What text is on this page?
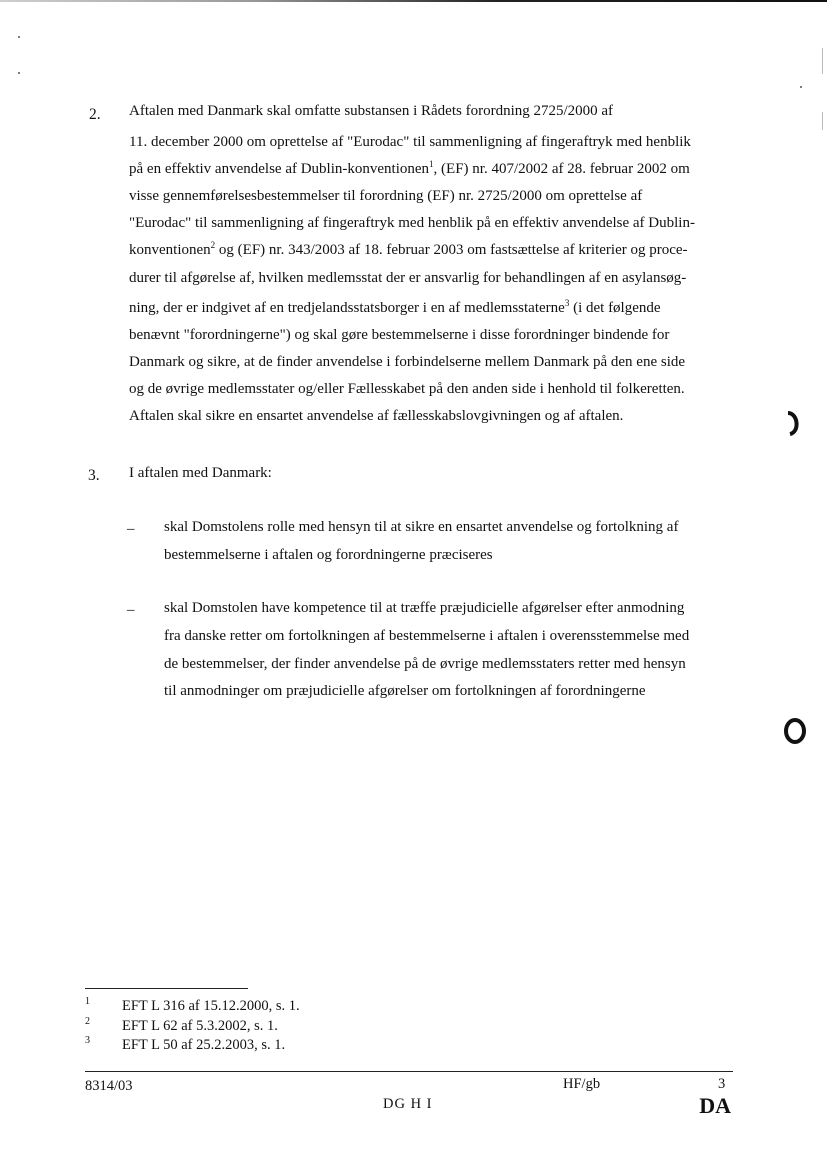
2. Aftalen med Danmark skal omfatte substansen i Rådets forordning 2725/2000 af
11. december 2000 om oprettelse af "Eurodac" til sammenligning af fingeraftryk med henblik
på en effektiv anvendelse af Dublin-konventionen$^1$, (EF) nr. 407/2002 af 28. februar 2002 om
visse gennemførelsesbestemmelser til forordning (EF) nr. 2725/2000 om oprettelse af
"Eurodac" til sammenligning af fingeraftryk med henblik på en effektiv anvendelse af Dublin-
konventionen$^2$ og (EF) nr. 343/2003 af 18. februar 2003 om fastsættelse af kriterier og proce-
durer til afgørelse af, hvilken medlemsstat der er ansvarlig for behandlingen af en asylansøg-
ning, der er indgivet af en tredjelandsstatsborger i en af medlemsstaterne$^3$ (i det følgende
benævnt "forordningerne") og skal gøre bestemmelserne i disse forordninger bindende for
Danmark og sikre, at de finder anvendelse i forbindelserne mellem Danmark på den ene side
og de øvrige medlemsstater og/eller Fællesskabet på den anden side i henhold til folkeretten.
Aftalen skal sikre en ensartet anvendelse af fællesskabslovgivningen og af aftalen.
3. I aftalen med Danmark:
– skal Domstolens rolle med hensyn til at sikre en ensartet anvendelse og fortolkning af
bestemmelserne i aftalen og forordningerne præciseres
– skal Domstolen have kompetence til at træffe præjudicielle afgørelser efter anmodning
fra danske retter om fortolkningen af bestemmelserne i aftalen i overensstemmelse med
de bestemmelser, der finder anvendelse på de øvrige medlemsstaters retter med hensyn
til anmodninger om præjudicielle afgørelser om fortolkningen af forordningerne
1 EFT L 316 af 15.12.2000, s. 1.
2 EFT L 62 af 5.3.2002, s. 1.
3 EFT L 50 af 25.2.2003, s. 1.
8314/03	HF/gb	3
DG H I	DA
